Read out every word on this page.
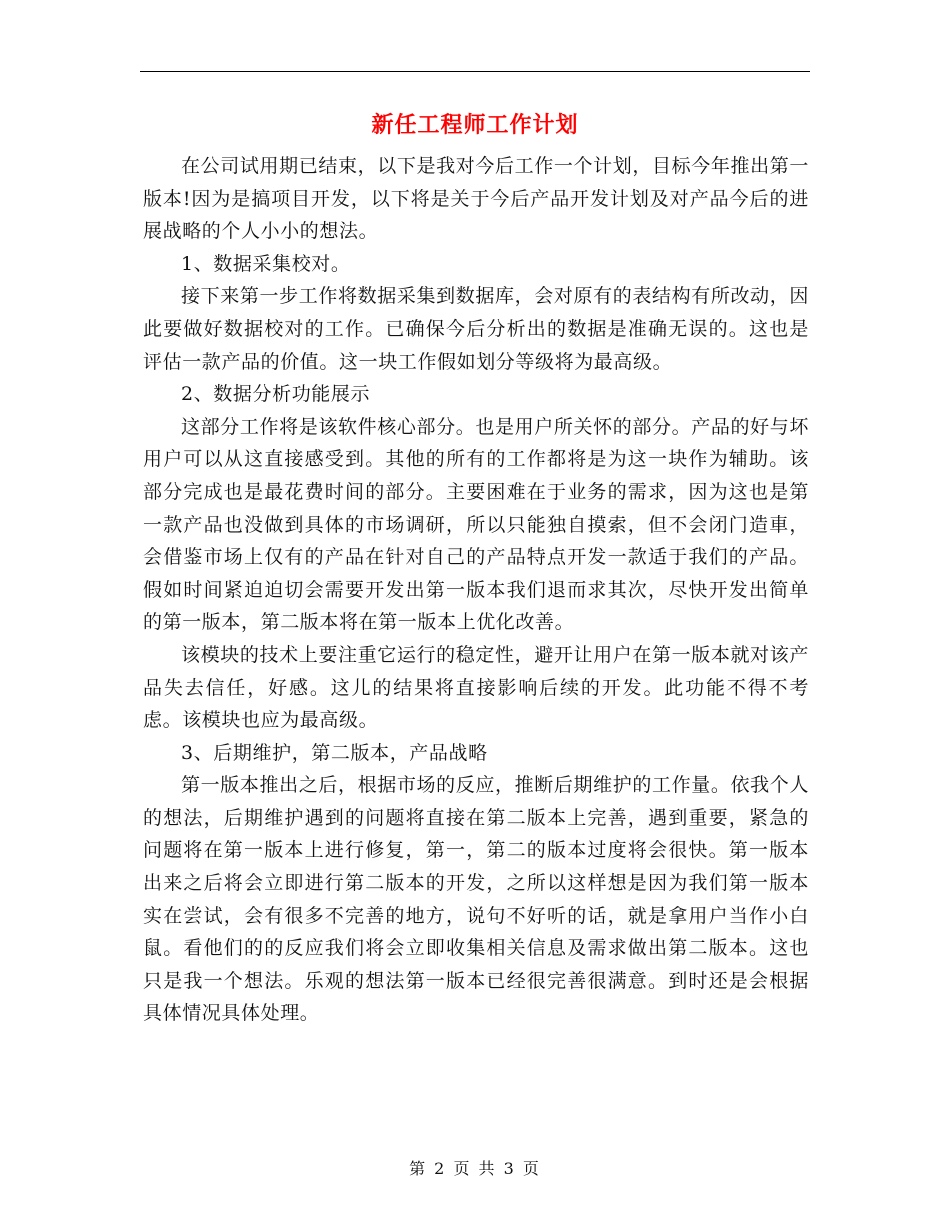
新任工程师工作计划

在公司试用期已结束，以下是我对今后工作一个计划，目标今年推出第一版本!因为是搞项目开发，以下将是关于今后产品开发计划及对产品今后的进展战略的个人小小的想法。

1、数据采集校对。

接下来第一步工作将数据采集到数据库，会对原有的表结构有所改动，因此要做好数据校对的工作。已确保今后分析出的数据是准确无误的。这也是评估一款产品的价值。这一块工作假如划分等级将为最高级。

2、数据分析功能展示

这部分工作将是该软件核心部分。也是用户所关怀的部分。产品的好与坏用户可以从这直接感受到。其他的所有的工作都将是为这一块作为辅助。该部分完成也是最花费时间的部分。主要困难在于业务的需求，因为这也是第一款产品也没做到具体的市场调研，所以只能独自摸索，但不会闭门造車，会借鉴市场上仅有的产品在针对自己的产品特点开发一款适于我们的产品。假如时间紧迫迫切会需要开发出第一版本我们退而求其次，尽快开发出简单的第一版本，第二版本将在第一版本上优化改善。

该模块的技术上要注重它运行的稳定性，避开让用户在第一版本就对该产品失去信任，好感。这儿的结果将直接影响后续的开发。此功能不得不考虑。该模块也应为最高级。

3、后期维护，第二版本，产品战略

第一版本推出之后，根据市场的反应，推断后期维护的工作量。依我个人的想法，后期维护遇到的问题将直接在第二版本上完善，遇到重要，紧急的问题将在第一版本上进行修复，第一，第二的版本过度将会很快。第一版本出来之后将会立即进行第二版本的开发，之所以这样想是因为我们第一版本实在尝试，会有很多不完善的地方，说句不好听的话，就是拿用户当作小白鼠。看他们的的反应我们将会立即收集相关信息及需求做出第二版本。这也只是我一个想法。乐观的想法第一版本已经很完善很满意。到时还是会根据具体情况具体处理。

第 2 页 共 3 页
